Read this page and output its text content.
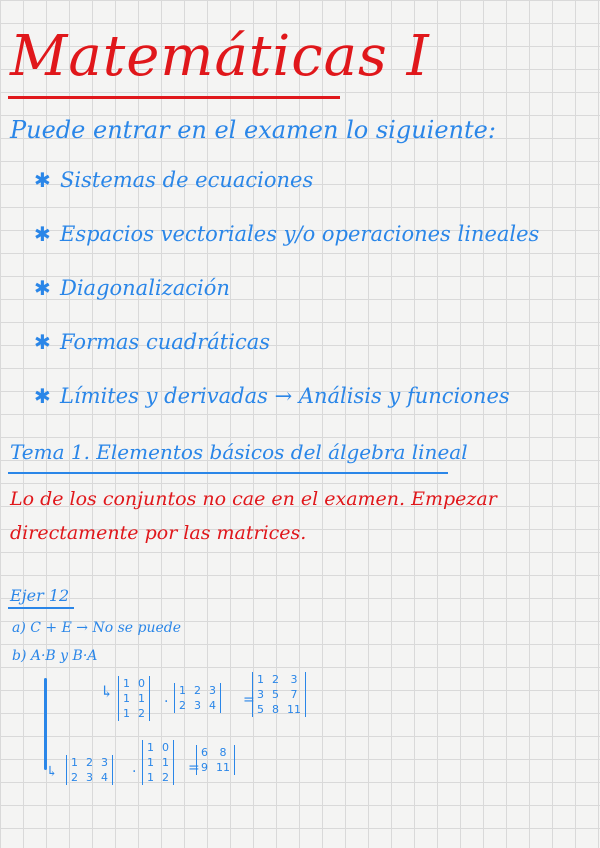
Matemáticas I
Puede entrar en el examen lo siguiente:
✱ Sistemas de ecuaciones
✱ Espacios vectoriales y/o operaciones lineales
✱ Diagonalización
✱ Formas cuadráticas
✱ Límites y derivadas → Análisis y funciones
Tema 1. Elementos básicos del álgebra lineal
Lo de los conjuntos no cae en el examen. Empezar
directamente por las matrices.
Ejer 12
a) C + E → No se puede
b) A·B y B·A
↳
↳
1	0
1	1
1	2
·
1	2	3
2	3	4 =
1	2	3
3	5	7
5	8	11
1	2	3
2	3	4 ·
1	0
1	1
1	2
=
6	8
9	11
